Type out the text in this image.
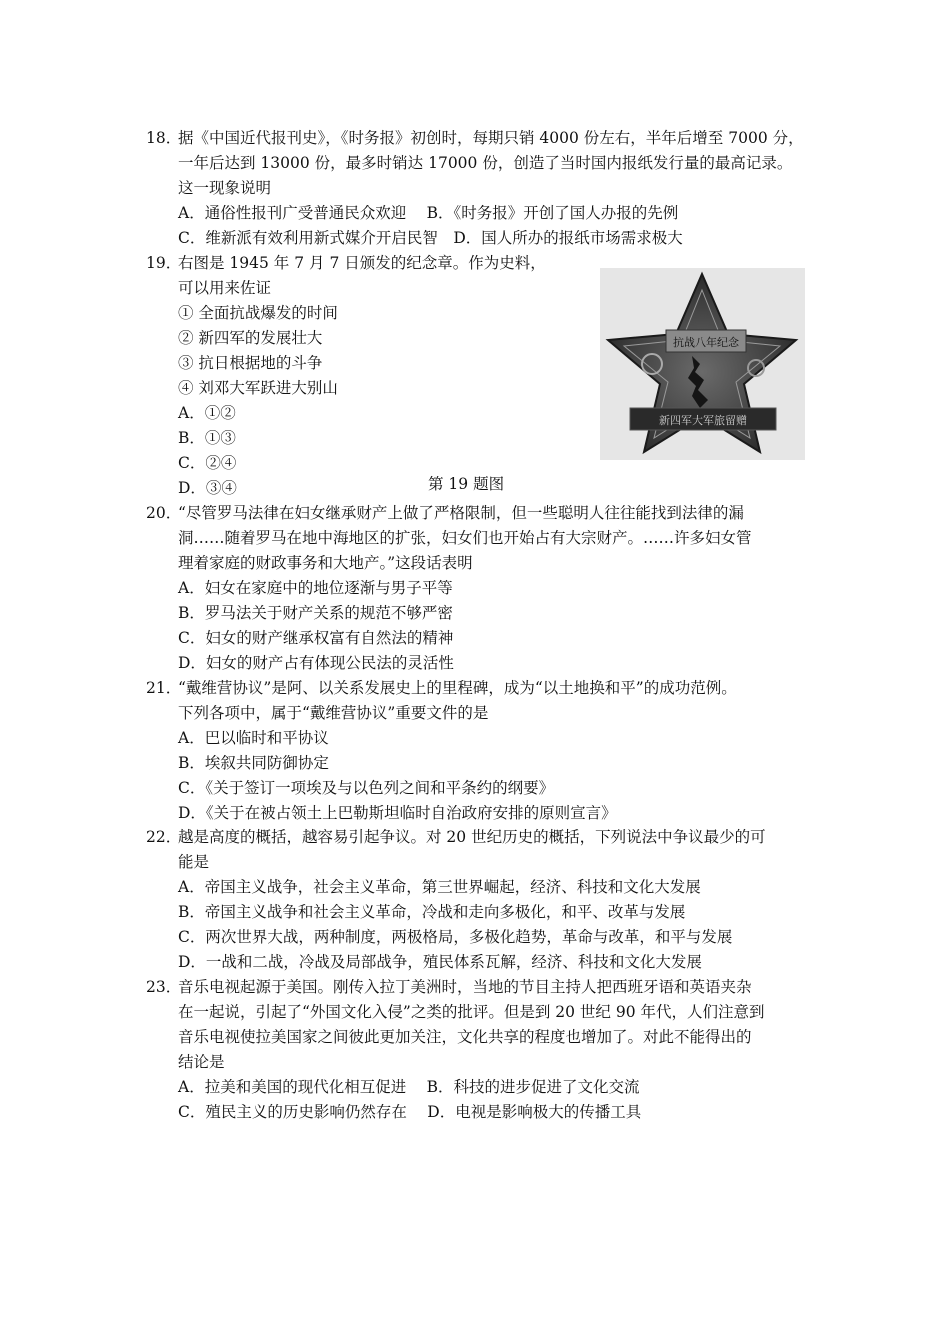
18．
据《中国近代报刊史》，《时务报》初创时，每期只销 4000 份左右，半年后增至 7000 分，
一年后达到 13000 份，最多时销达 17000 份，创造了当时国内报纸发行量的最高记录。
这一现象说明
A．通俗性报刊广受普通民众欢迎　 B．《时务报》开创了国人办报的先例
C．维新派有效利用新式媒介开启民智　D．国人所办的报纸市场需求极大
19．
右图是 1945 年 7 月 7 日颁发的纪念章。作为史料，
可以用来佐证
① 全面抗战爆发的时间
② 新四军的发展壮大
③ 抗日根据地的斗争
④ 刘邓大军跃进大别山
A．①②
B．①③
C．②④
D．③④
抗战八年纪念
新四军大军旅留赠
第 19 题图
20．
“尽管罗马法律在妇女继承财产上做了严格限制，但一些聪明人往往能找到法律的漏
洞……随着罗马在地中海地区的扩张，妇女们也开始占有大宗财产。……许多妇女管
理着家庭的财政事务和大地产。”这段话表明
A．妇女在家庭中的地位逐渐与男子平等
B．罗马法关于财产关系的规范不够严密
C．妇女的财产继承权富有自然法的精神
D．妇女的财产占有体现公民法的灵活性
21．
“戴维营协议”是阿、以关系发展史上的里程碑，成为“以土地换和平”的成功范例。
下列各项中，属于“戴维营协议”重要文件的是
A．巴以临时和平协议
B．埃叙共同防御协定
C．《关于签订一项埃及与以色列之间和平条约的纲要》
D．《关于在被占领土上巴勒斯坦临时自治政府安排的原则宣言》
22．
越是高度的概括，越容易引起争议。对 20 世纪历史的概括，下列说法中争议最少的可
能是
A．帝国主义战争，社会主义革命，第三世界崛起，经济、科技和文化大发展
B．帝国主义战争和社会主义革命，冷战和走向多极化，和平、改革与发展
C．两次世界大战，两种制度，两极格局，多极化趋势，革命与改革，和平与发展
D．一战和二战，冷战及局部战争，殖民体系瓦解，经济、科技和文化大发展
23．
音乐电视起源于美国。刚传入拉丁美洲时，当地的节目主持人把西班牙语和英语夹杂
在一起说，引起了“外国文化入侵”之类的批评。但是到 20 世纪 90 年代，人们注意到
音乐电视使拉美国家之间彼此更加关注，文化共享的程度也增加了。对此不能得出的
结论是
A．拉美和美国的现代化相互促进　 B．科技的进步促进了文化交流
C．殖民主义的历史影响仍然存在　 D．电视是影响极大的传播工具
